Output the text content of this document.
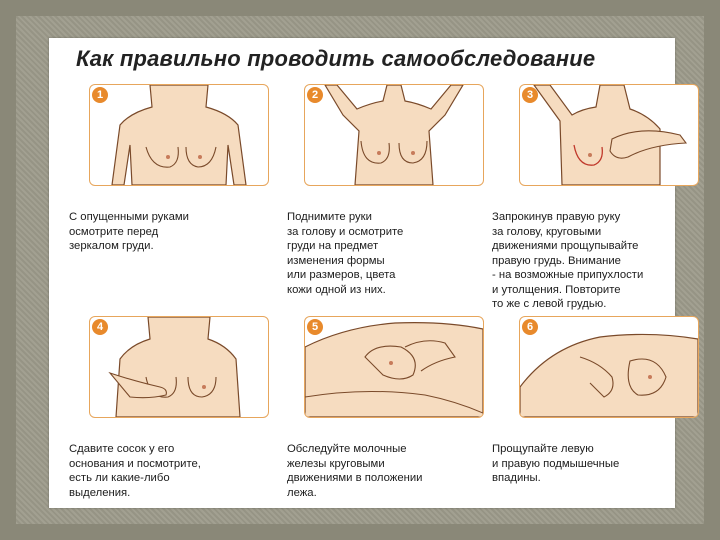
Как правильно проводить самообследование
1	2	3
4	5	6
С опущенными руками
осмотрите перед
зеркалом груди.
Поднимите руки
за голову и осмотрите
груди на предмет
изменения формы
или размеров, цвета
кожи одной из них.
Запрокинув правую руку
за голову, круговыми
движениями прощупывайте
правую грудь. Внимание
- на возможные припухлости
и утолщения. Повторите
то же с левой грудью.
Сдавите сосок у его
основания и посмотрите,
есть ли какие-либо
выделения.
Обследуйте молочные
железы круговыми
движениями в положении
лежа.
Прощупайте левую
и правую подмышечные
впадины.
